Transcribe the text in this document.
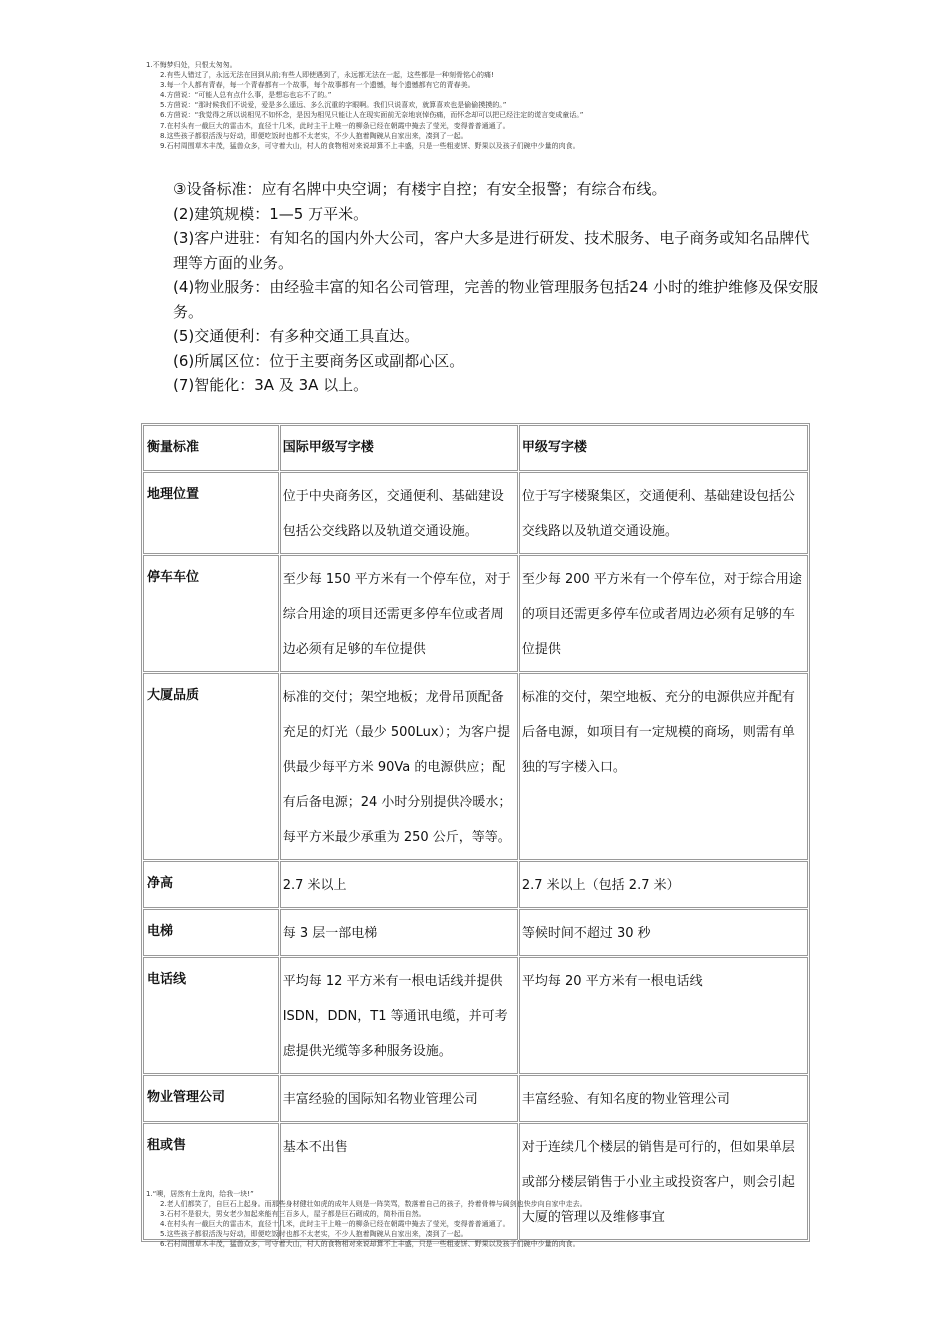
1.不悔梦归处，只恨太匆匆。
2.有些人错过了，永远无法在回到从前;有些人即使遇到了，永远都无法在一起，这些都是一种刻骨铭心的痛!
3.每一个人都有青春，每一个青春都有一个故事，每个故事都有一个遗憾，每个遗憾都有它的青春美。
4.方茴说：“可能人总有点什么事，是想忘也忘不了的。”
5.方茴说：“那时候我们不说爱，爱是多么遥远、多么沉重的字眼啊。我们只说喜欢，就算喜欢也是偷偷摸摸的。”
6.方茴说：“我觉得之所以说相见不如怀念，是因为相见只能让人在现实面前无奈地哀悼伤痛，而怀念却可以把已经注定的谎言变成童话。”
7.在村头有一截巨大的雷击木，直径十几米，此时主干上唯一的柳条已经在朝霞中掩去了莹光，变得普普通通了。
8.这些孩子都很活泼与好动，即便吃饭时也都不太老实，不少人抱着陶碗从自家出来，凑到了一起。
9.石村周围草木丰茂，猛兽众多，可守着大山，村人的食物相对来说却算不上丰盛，只是一些粗麦饼、野果以及孩子们碗中少量的肉食。

③设备标准：应有名牌中央空调；有楼宇自控；有安全报警；有综合布线。

(2)建筑规模：1—5 万平米。

(3)客户进驻：有知名的国内外大公司，客户大多是进行研发、技术服务、电子商务或知名品牌代理等方面的业务。

(4)物业服务：由经验丰富的知名公司管理，完善的物业管理服务包括24 小时的维护维修及保安服务。

(5)交通便利：有多种交通工具直达。

(6)所属区位：位于主要商务区或副都心区。

(7)智能化：3A 及 3A 以上。

衡量标准	国际甲级写字楼	甲级写字楼
地理位置	位于中央商务区，交通便利、基础建设包括公交线路以及轨道交通设施。	位于写字楼聚集区，交通便利、基础建设包括公交线路以及轨道交通设施。
停车车位	至少每 150 平方米有一个停车位，对于综合用途的项目还需更多停车位或者周边必须有足够的车位提供	至少每 200 平方米有一个停车位，对于综合用途的项目还需更多停车位或者周边必须有足够的车位提供
大厦品质	标准的交付；架空地板；龙骨吊顶配备充足的灯光（最少 500Lux）；为客户提供最少每平方米 90Va 的电源供应；配有后备电源；24 小时分别提供冷暖水；每平方米最少承重为 250 公斤，等等。	标准的交付，架空地板、充分的电源供应并配有后备电源，如项目有一定规模的商场，则需有单独的写字楼入口。
净高	2.7 米以上	2.7 米以上（包括 2.7 米）
电梯	每 3 层一部电梯	等候时间不超过 30 秒
电话线	平均每 12 平方米有一根电话线并提供ISDN，DDN，T1 等通讯电缆，并可考虑提供光缆等多种服务设施。	平均每 20 平方米有一根电话线
物业管理公司	丰富经验的国际知名物业管理公司	丰富经验、有知名度的物业管理公司
租或售	基本不出售	对于连续几个楼层的销售是可行的，但如果单层或部分楼层销售于小业主或投资客户，则会引起大厦的管理以及维修事宜
1.“噢，居然有土龙肉，给我一块!”
2.老人们都笑了，自巨石上起身。而那些身材健壮如虎的成年人则是一阵笑骂，数落着自己的孩子，拎着骨棒与阔剑也快步向自家中走去。
3.石村不是很大，男女老少加起来能有三百多人，屋子都是巨石砌成的，简朴而自然。
4.在村头有一截巨大的雷击木，直径十几米，此时主干上唯一的柳条已经在朝霞中掩去了莹光，变得普普通通了。
5.这些孩子都很活泼与好动，即便吃饭时也都不太老实，不少人抱着陶碗从自家出来，凑到了一起。
6.石村周围草木丰茂，猛兽众多，可守着大山，村人的食物相对来说却算不上丰盛，只是一些粗麦饼、野果以及孩子们碗中少量的肉食。
